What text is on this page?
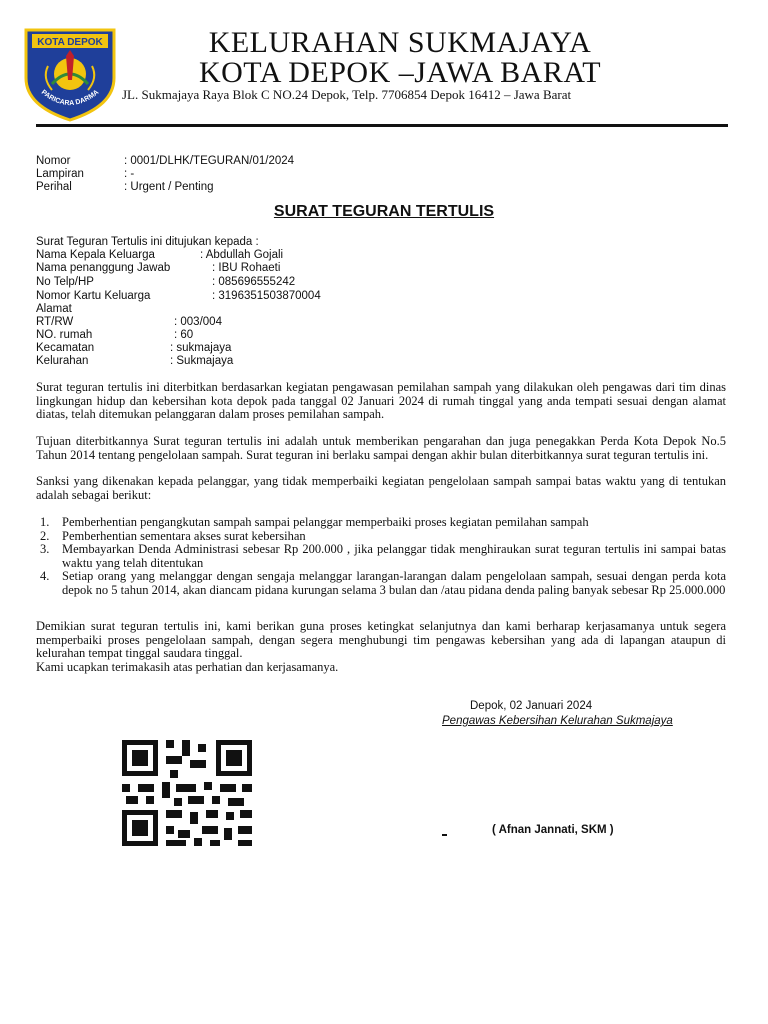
KOTA DEPOK
PARICARA DARMA
KELURAHAN SUKMAJAYA
KOTA DEPOK –JAWA BARAT
JL. Sukmajaya Raya Blok C NO.24 Depok, Telp. 7706854 Depok 16412 – Jawa Barat
Nomor	: 0001/DLHK/TEGURAN/01/2024
Lampiran	: -
Perihal	: Urgent / Penting
SURAT TEGURAN TERTULIS
Surat Teguran Tertulis ini ditujukan kepada :
Nama Kepala Keluarga	: Abdullah Gojali
Nama penanggung Jawab	: IBU Rohaeti
No Telp/HP	: 085696555242
Nomor Kartu Keluarga	: 3196351503870004
Alamat
RT/RW	: 003/004
NO. rumah	: 60
Kecamatan	: sukmajaya
Kelurahan	: Sukmajaya
Surat teguran tertulis ini diterbitkan berdasarkan kegiatan pengawasan pemilahan sampah yang dilakukan oleh pengawas dari tim dinas lingkungan hidup dan kebersihan kota depok pada tanggal 02 Januari 2024 di rumah tinggal yang anda tempati sesuai dengan alamat diatas, telah ditemukan pelanggaran dalam proses pemilahan sampah.
Tujuan diterbitkannya Surat teguran tertulis ini adalah untuk memberikan pengarahan dan juga penegakkan Perda Kota Depok No.5 Tahun 2014 tentang pengelolaan sampah. Surat teguran ini berlaku sampai dengan akhir bulan diterbitkannya surat teguran tertulis ini.
Sanksi yang dikenakan kepada pelanggar, yang tidak memperbaiki kegiatan pengelolaan sampah sampai batas waktu yang di tentukan adalah sebagai berikut:
1. Pemberhentian pengangkutan sampah sampai pelanggar memperbaiki proses kegiatan pemilahan sampah
2. Pemberhentian sementara akses surat kebersihan
3. Membayarkan Denda Administrasi sebesar Rp 200.000 , jika pelanggar tidak menghiraukan surat teguran tertulis ini sampai batas waktu yang telah ditentukan
4. Setiap orang yang melanggar dengan sengaja melanggar larangan-larangan dalam pengelolaan sampah, sesuai dengan perda kota depok no 5 tahun 2014, akan diancam pidana kurungan selama 3 bulan dan /atau pidana denda paling banyak sebesar Rp 25.000.000
Demikian surat teguran tertulis ini, kami berikan guna proses ketingkat selanjutnya dan kami berharap kerjasamanya untuk segera memperbaiki proses pengelolaan sampah, dengan segera menghubungi tim pengawas kebersihan yang ada di lapangan ataupun di kelurahan tempat tinggal saudara tinggal.
Kami ucapkan terimakasih atas perhatian dan kerjasamanya.
Depok, 02 Januari 2024
Pengawas Kebersihan Kelurahan Sukmajaya
( Afnan Jannati, SKM )
